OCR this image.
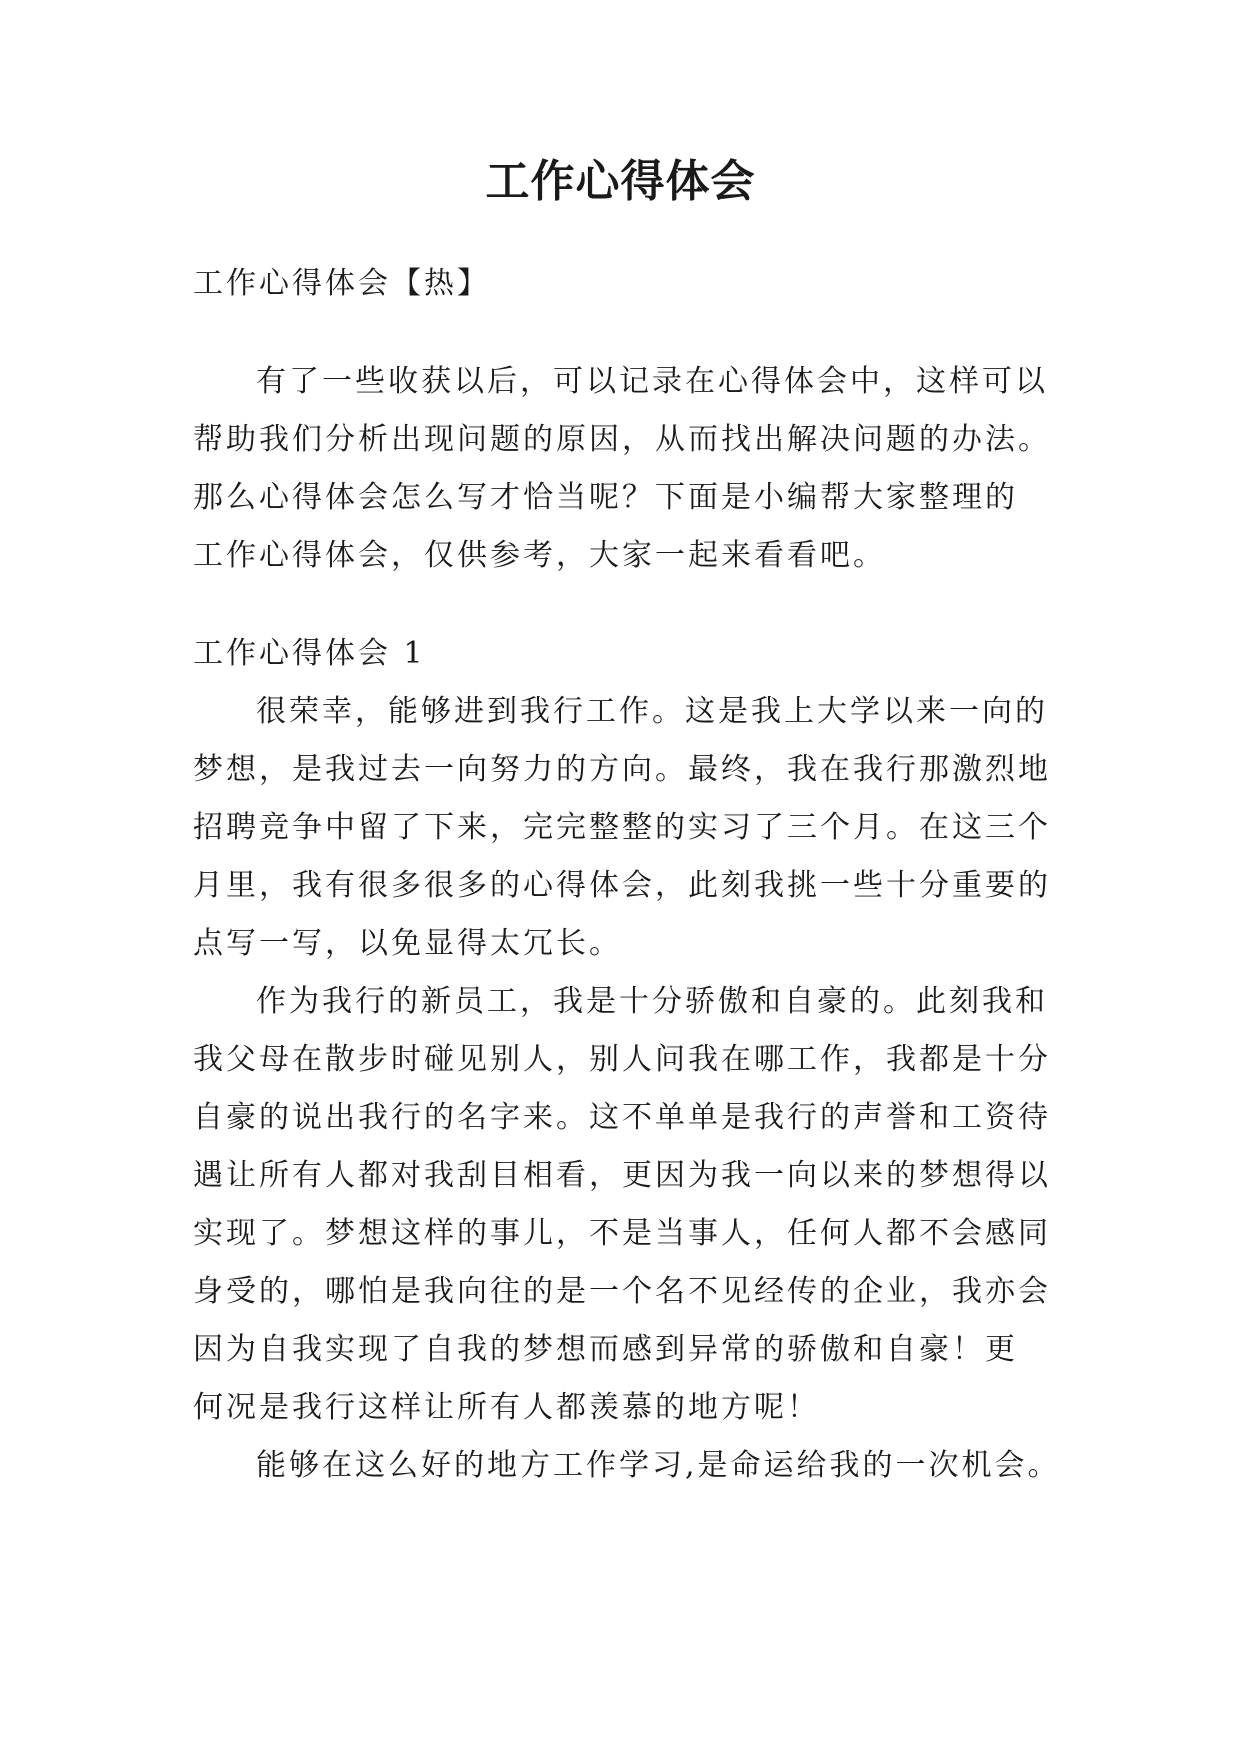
工作心得体会
工作心得体会【热】
有了一些收获以后，可以记录在心得体会中，这样可以
帮助我们分析出现问题的原因，从而找出解决问题的办法。
那么心得体会怎么写才恰当呢？下面是小编帮大家整理的
工作心得体会，仅供参考，大家一起来看看吧。
工作心得体会 1
很荣幸，能够进到我行工作。这是我上大学以来一向的
梦想，是我过去一向努力的方向。最终，我在我行那激烈地
招聘竞争中留了下来，完完整整的实习了三个月。在这三个
月里，我有很多很多的心得体会，此刻我挑一些十分重要的
点写一写，以免显得太冗长。
作为我行的新员工，我是十分骄傲和自豪的。此刻我和
我父母在散步时碰见别人，别人问我在哪工作，我都是十分
自豪的说出我行的名字来。这不单单是我行的声誉和工资待
遇让所有人都对我刮目相看，更因为我一向以来的梦想得以
实现了。梦想这样的事儿，不是当事人，任何人都不会感同
身受的，哪怕是我向往的是一个名不见经传的企业，我亦会
因为自我实现了自我的梦想而感到异常的骄傲和自豪！更
何况是我行这样让所有人都羡慕的地方呢！
能够在这么好的地方工作学习,是命运给我的一次机会。
